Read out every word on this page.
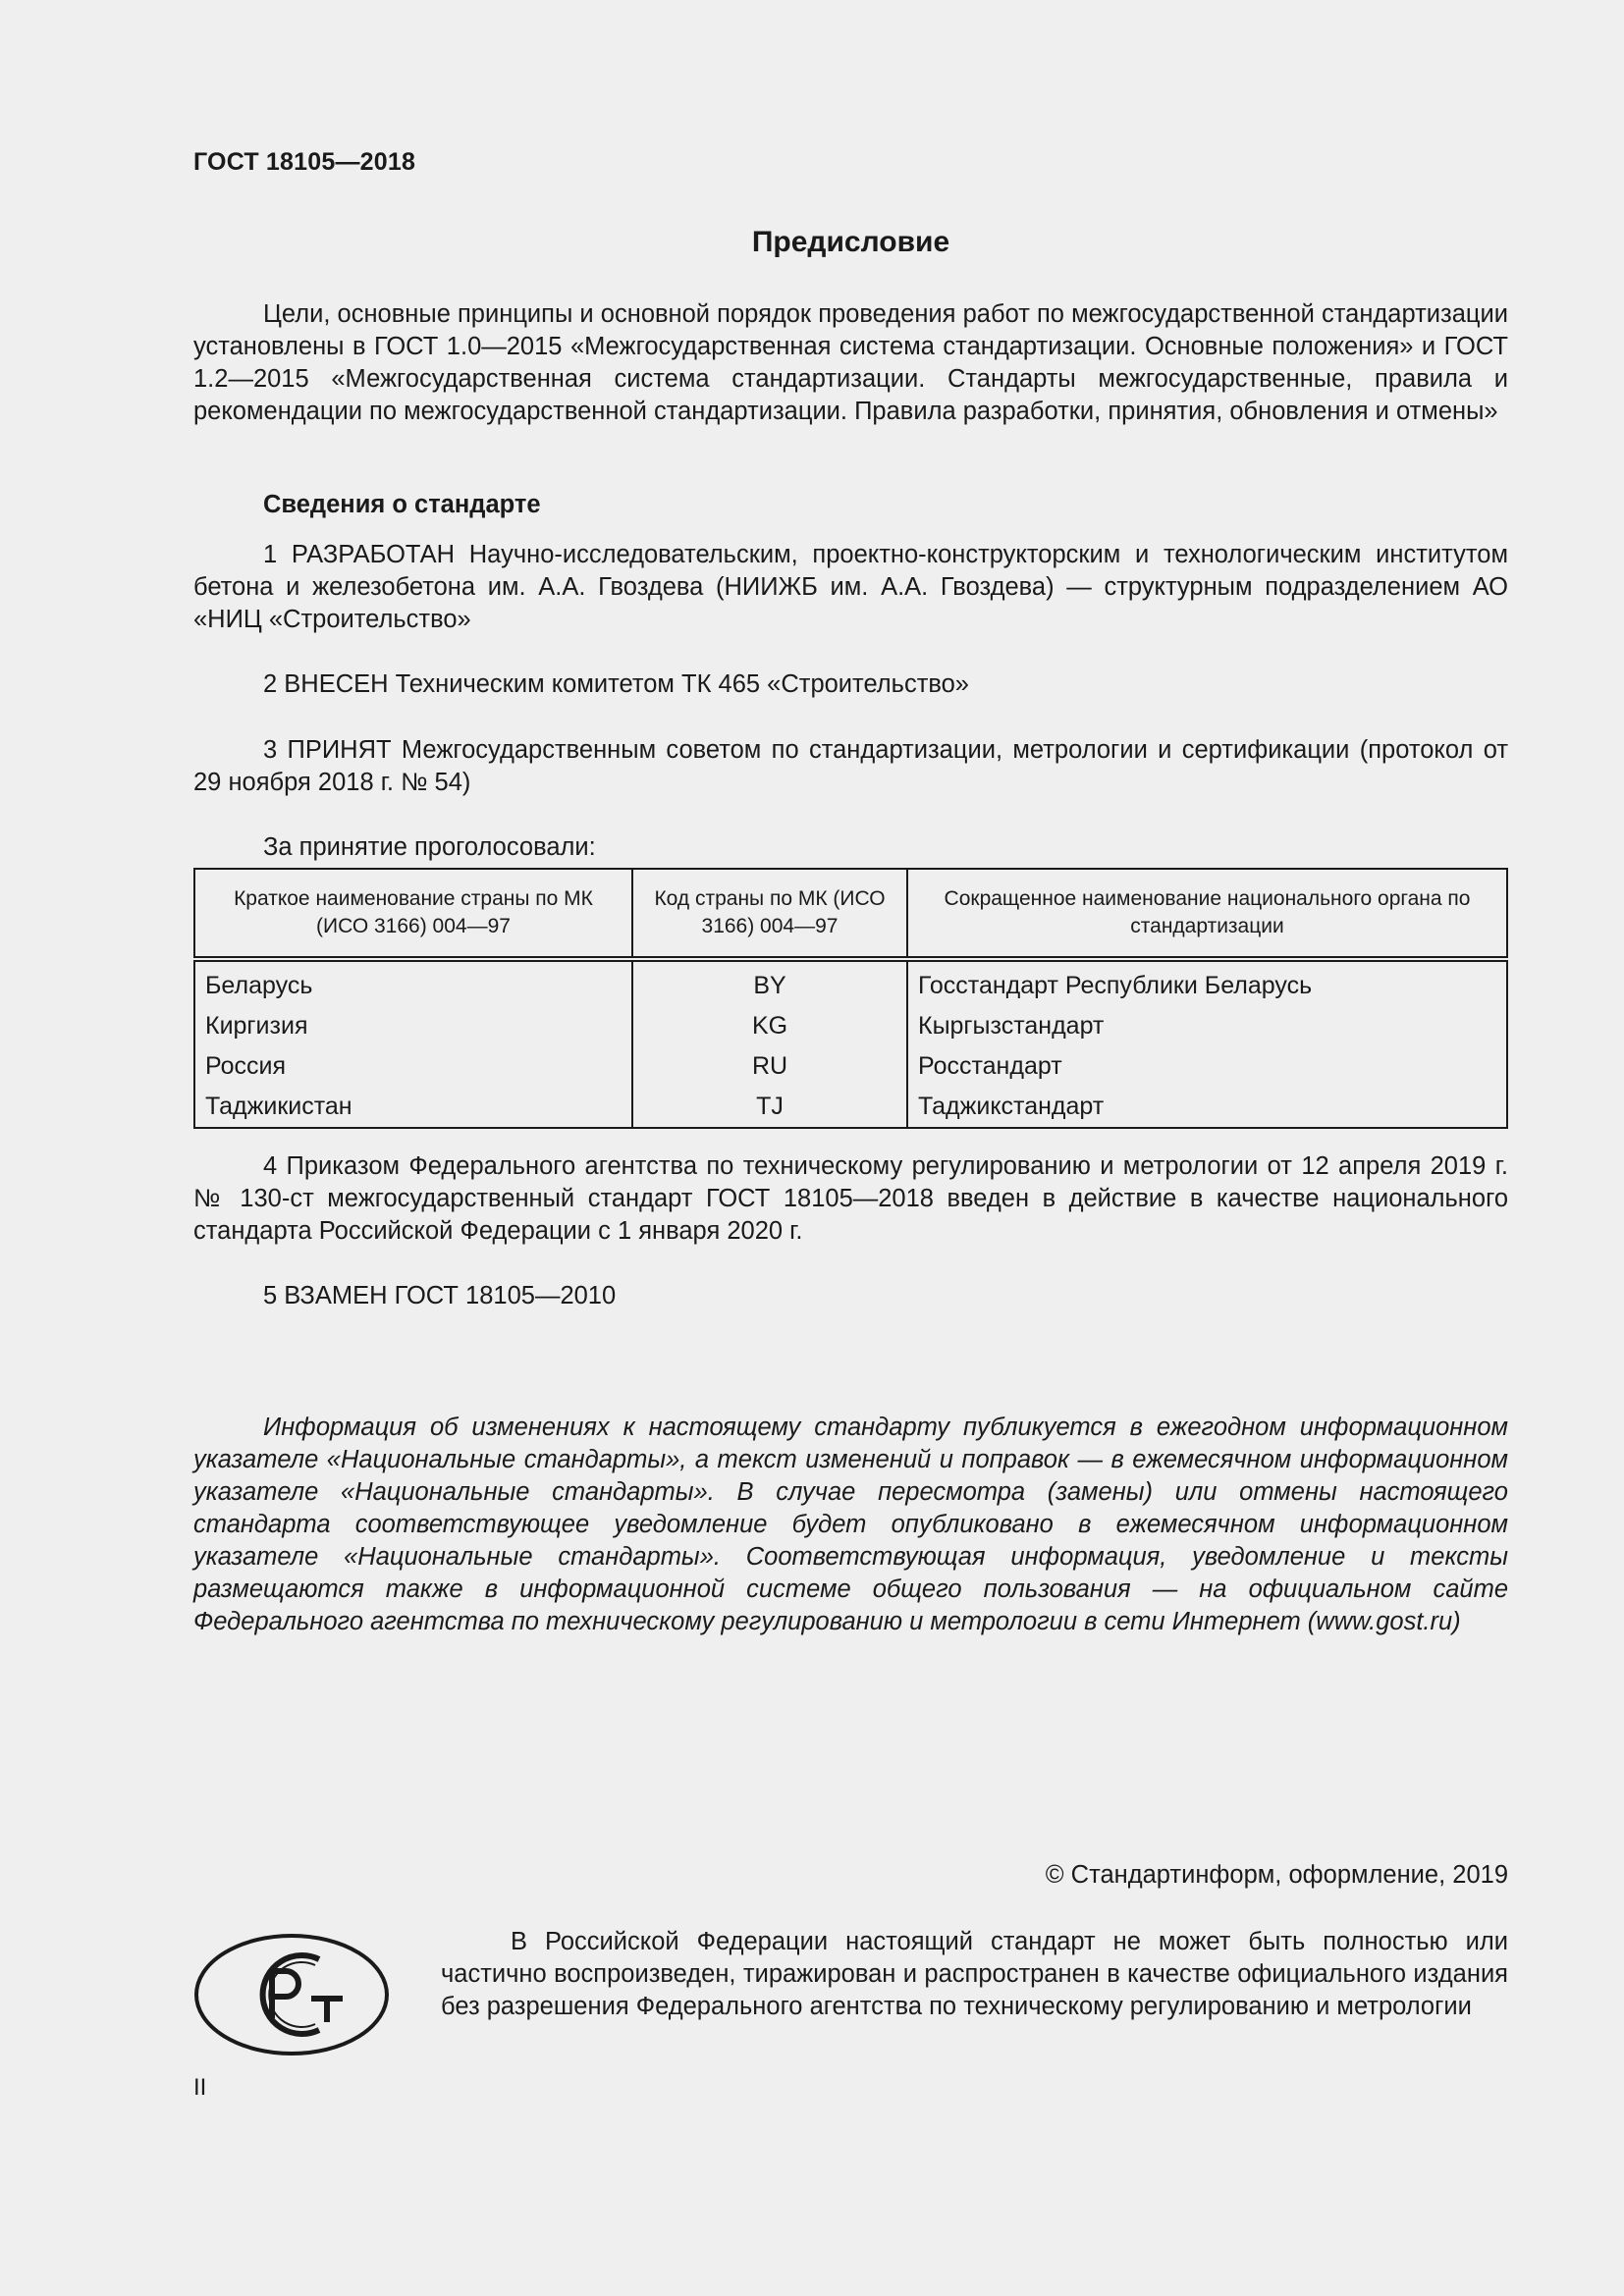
ГОСТ 18105—2018
Предисловие

Цели, основные принципы и основной порядок проведения работ по межгосударственной стандартизации установлены в ГОСТ 1.0—2015 «Межгосударственная система стандартизации. Основные положения» и ГОСТ 1.2—2015 «Межгосударственная система стандартизации. Стандарты межгосударственные, правила и рекомендации по межгосударственной стандартизации. Правила разработки, принятия, обновления и отмены»

Сведения о стандарте

1 РАЗРАБОТАН Научно-исследовательским, проектно-конструкторским и технологическим институтом бетона и железобетона им. А.А. Гвоздева (НИИЖБ им. А.А. Гвоздева) — структурным подразделением АО «НИЦ «Строительство»

2 ВНЕСЕН Техническим комитетом ТК 465 «Строительство»

3 ПРИНЯТ Межгосударственным советом по стандартизации, метрологии и сертификации (протокол от 29 ноября 2018 г. № 54)

За принятие проголосовали:
Краткое наименование страны по МК (ИСО 3166) 004—97	Код страны по МК (ИСО 3166) 004—97	Сокращенное наименование национального органа по стандартизации
Беларусь	BY	Госстандарт Республики Беларусь
Киргизия	KG	Кыргызстандарт
Россия	RU	Росстандарт
Таджикистан	TJ	Таджикстандарт

4 Приказом Федерального агентства по техническому регулированию и метрологии от 12 апреля 2019 г. № 130-ст межгосударственный стандарт ГОСТ 18105—2018 введен в действие в качестве национального стандарта Российской Федерации с 1 января 2020 г.

5 ВЗАМЕН ГОСТ 18105—2010

Информация об изменениях к настоящему стандарту публикуется в ежегодном информационном указателе «Национальные стандарты», а текст изменений и поправок — в ежемесячном информационном указателе «Национальные стандарты». В случае пересмотра (замены) или отмены настоящего стандарта соответствующее уведомление будет опубликовано в ежемесячном информационном указателе «Национальные стандарты». Соответствующая информация, уведомление и тексты размещаются также в информационной системе общего пользования — на официальном сайте Федерального агентства по техническому регулированию и метрологии в сети Интернет (www.gost.ru)

© Стандартинформ, оформление, 2019

В Российской Федерации настоящий стандарт не может быть полностью или частично воспроизведен, тиражирован и распространен в качестве официального издания без разрешения Федерального агентства по техническому регулированию и метрологии

II
